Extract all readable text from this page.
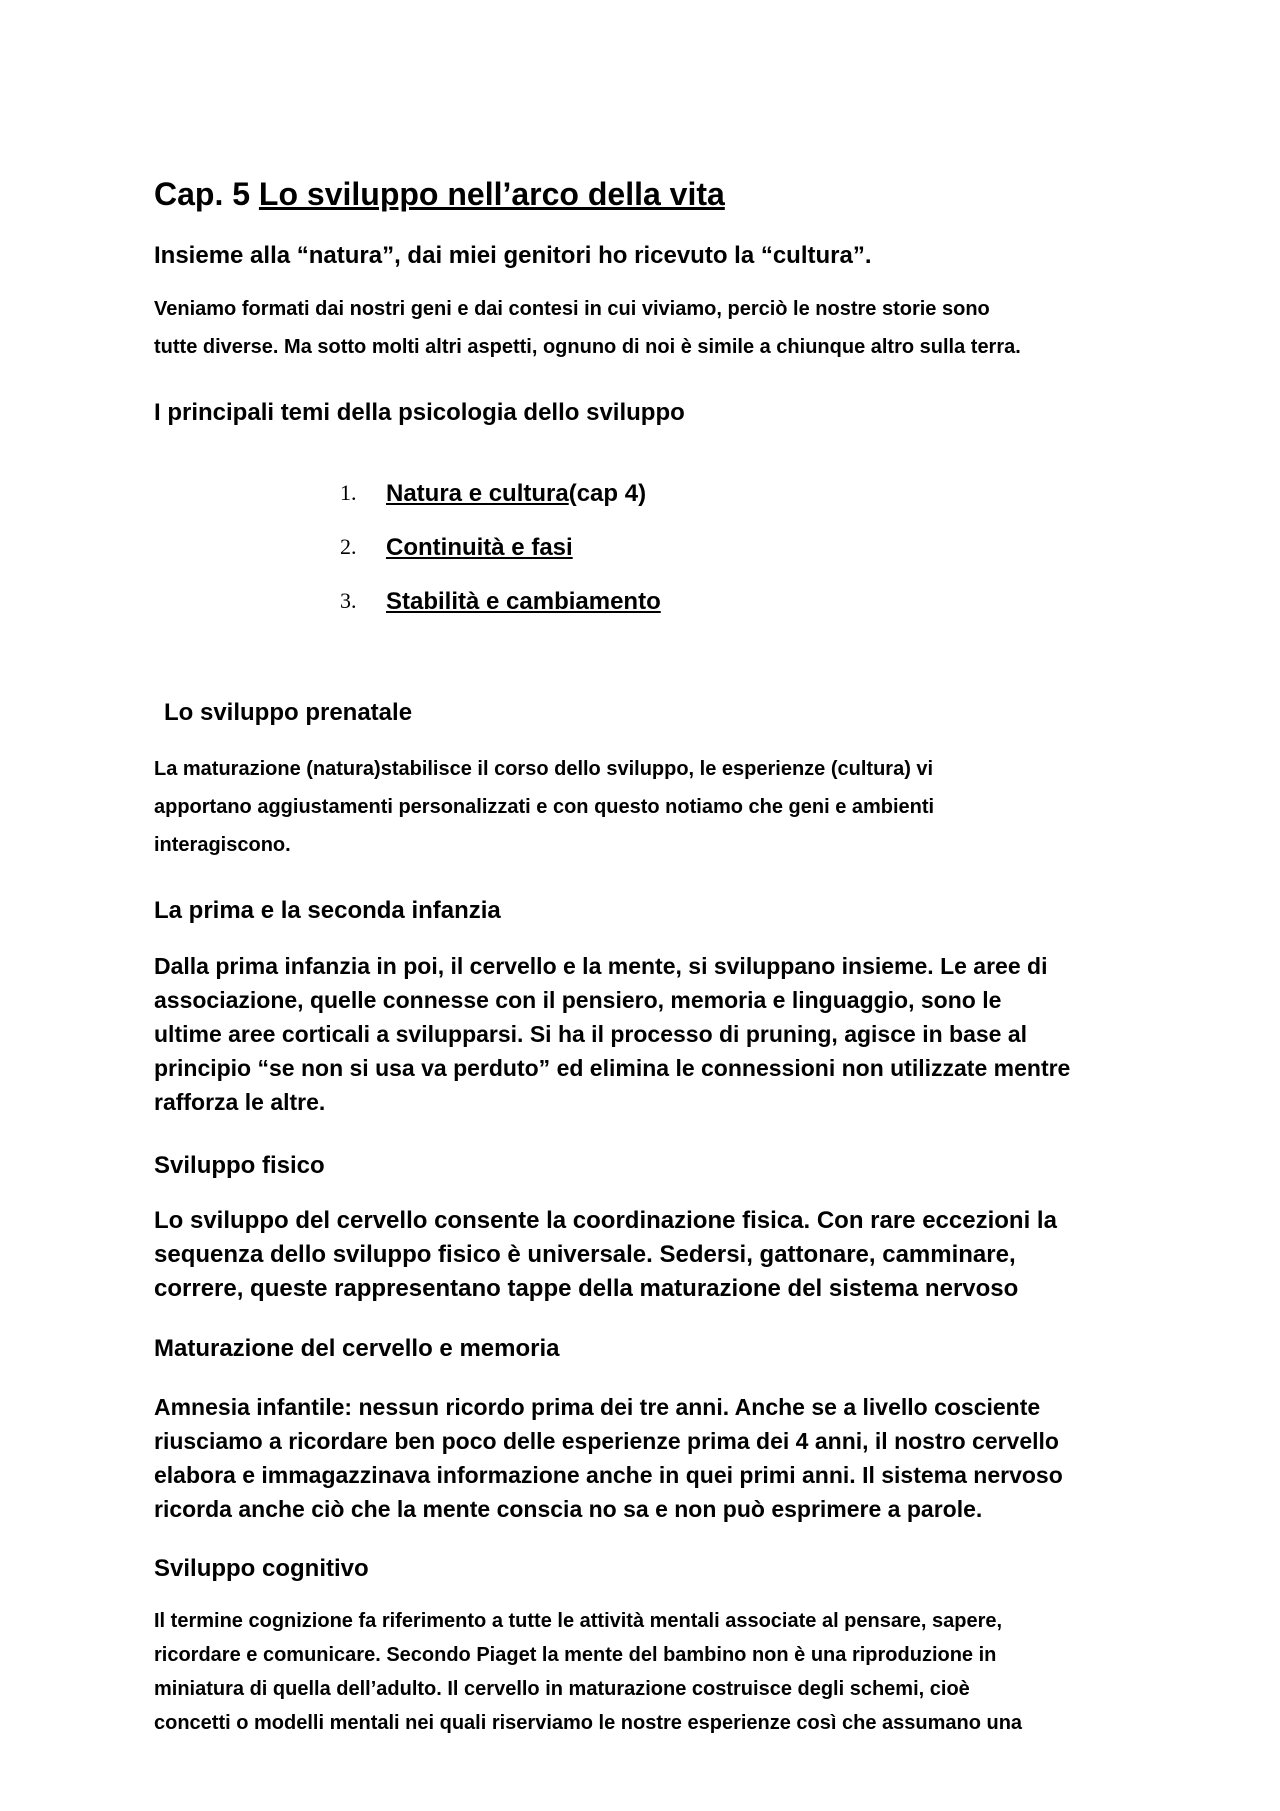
Cap. 5 Lo sviluppo nell’arco della vita

Insieme alla “natura”, dai miei genitori ho ricevuto la “cultura”.

Veniamo formati dai nostri geni e dai contesi in cui viviamo, perciò le nostre storie sono
tutte diverse. Ma sotto molti altri aspetti, ognuno di noi è simile a chiunque altro sulla terra.

I principali temi della psicologia dello sviluppo

1.	Natura e cultura (cap 4)
2.	Continuità e fasi
3.	Stabilità e cambiamento

Lo sviluppo prenatale

La maturazione (natura)stabilisce il corso dello sviluppo, le esperienze (cultura) vi
apportano aggiustamenti personalizzati e con questo notiamo che geni e ambienti
interagiscono.

La prima e la seconda infanzia

Dalla prima infanzia in poi, il cervello e la mente, si sviluppano insieme. Le aree di
associazione, quelle connesse con il pensiero, memoria e linguaggio, sono le
ultime aree corticali a svilupparsi. Si ha il processo di pruning, agisce in base al
principio “se non si usa va perduto” ed elimina le connessioni non utilizzate mentre
rafforza le altre.

Sviluppo fisico

Lo sviluppo del cervello consente la coordinazione fisica. Con rare eccezioni la
sequenza dello sviluppo fisico è universale. Sedersi, gattonare, camminare,
correre, queste rappresentano tappe della maturazione del sistema nervoso

Maturazione del cervello e memoria

Amnesia infantile: nessun ricordo prima dei tre anni. Anche se a livello cosciente
riusciamo a ricordare ben poco delle esperienze prima dei 4 anni, il nostro cervello
elabora e immagazzinava informazione anche in quei primi anni. Il sistema nervoso
ricorda anche ciò che la mente conscia no sa e non può esprimere a parole.

Sviluppo cognitivo

Il termine cognizione fa riferimento a tutte le attività mentali associate al pensare, sapere,
ricordare e comunicare. Secondo Piaget la mente del bambino non è una riproduzione in
miniatura di quella dell’adulto. Il cervello in maturazione costruisce degli schemi, cioè
concetti o modelli mentali nei quali riserviamo le nostre esperienze così che assumano una
